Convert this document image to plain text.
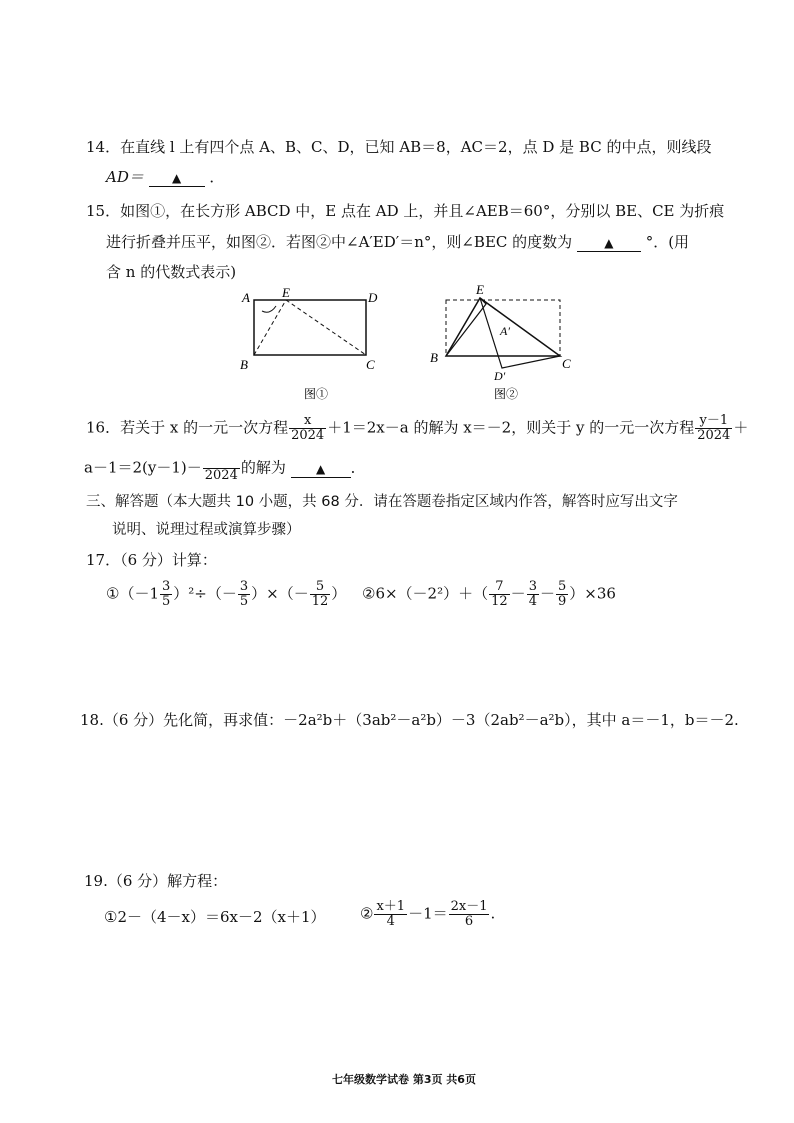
14．在直线 l 上有四个点 A、B、C、D，已知 AB＝8，AC＝2，点 D 是 BC 的中点，则线段
AD＝ ▲ ．
15．如图①，在长方形 ABCD 中，E 点在 AD 上，并且∠AEB＝60°，分别以 BE、CE 为折痕
进行折叠并压平，如图②．若图②中∠A′ED′＝n°，则∠BEC 的度数为	▲ °．(用
含 n 的代数式表示)
A E	D
B	C
图①
E
A′
B	C
D′
图②
16．若关于 x 的一元一次方程 $\frac{x}{2024} +1=2x-a$ 的解为 x＝－2，则关于 y 的一元一次方程 $\frac{y-1}{2024}$ ＋
a－1＝2(y－1)－ 2024 的解为	▲ ．
三、解答题（本大题共 10 小题，共 68 分．请在答题卷指定区域内作答，解答时应写出文字
说明、说理过程或演算步骤）
17．（6 分）计算：
①（－1 $\frac{3}{5} )^2\div(- \frac{3}{5}$ ）×（－ $\frac{5}{12}$ ） ②6×（－2²）＋（ $\frac{7}{12} - \frac{3}{4} - \frac{5}{9} )\times 36$
18.（6 分）先化简，再求值：－2a²b＋（3ab²－a²b）－3（2ab²－a²b），其中 a＝－1，b＝－2.
19.（6 分）解方程：
①2－（4－x）＝6x－2（x＋1） ② $\frac{x+1}{4} -1= \frac{2x-1}{6}$ .
七年级数学试卷 第3页 共6页
